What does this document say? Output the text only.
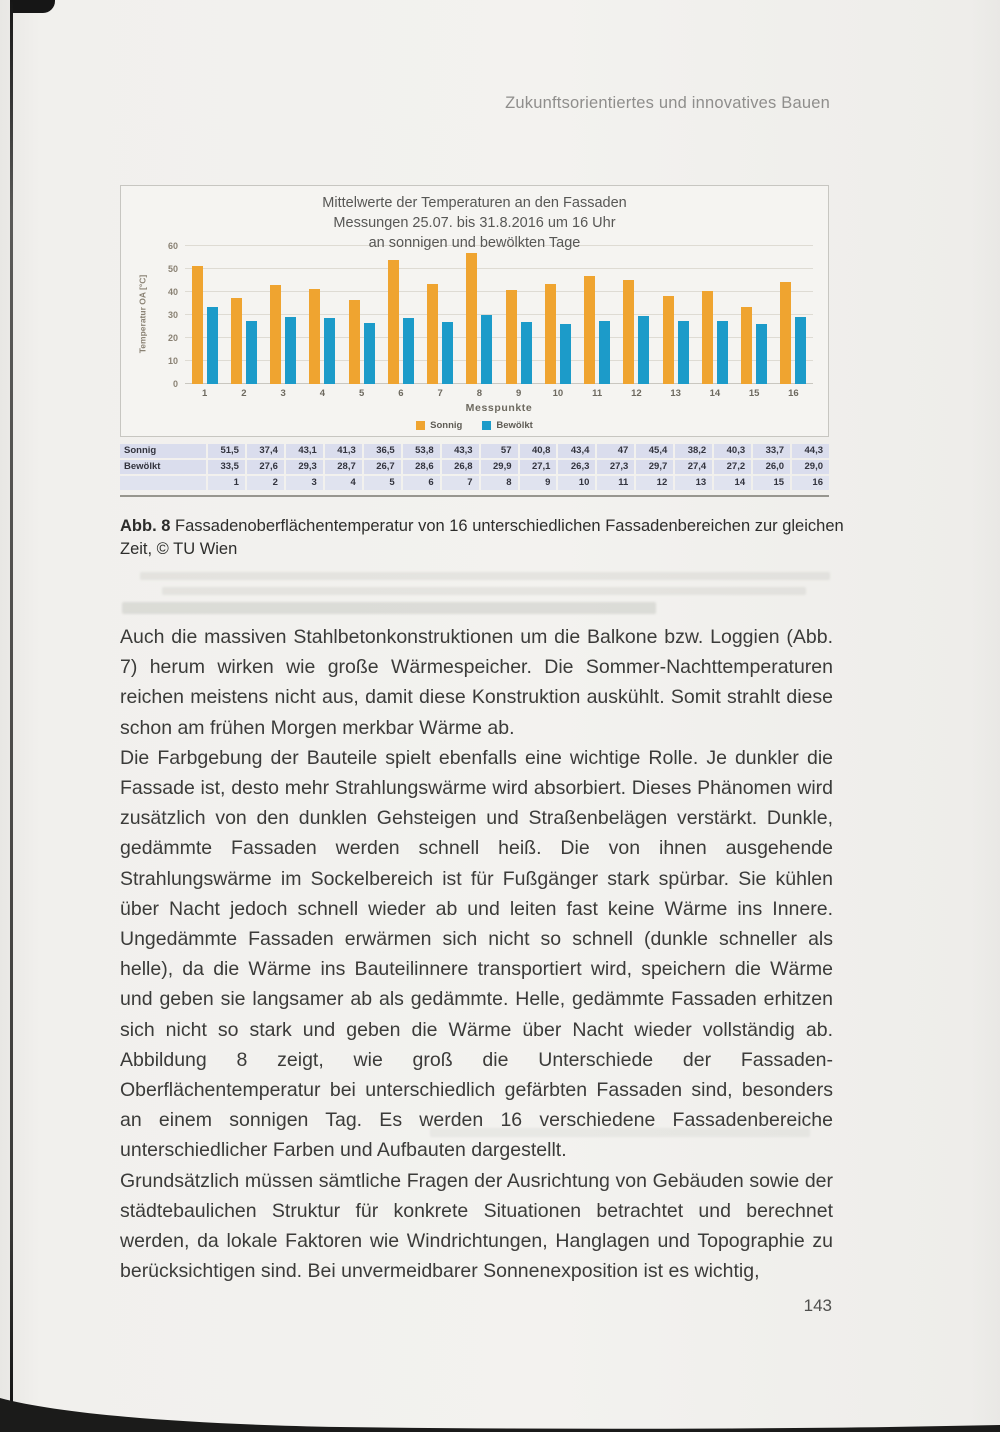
Zukunftsorientiertes und innovatives Bauen
Mittelwerte der Temperaturen an den Fassaden
Messungen 25.07. bis 31.8.2016 um 16 Uhr
an sonnigen und bewölkten Tage
Temperatur OA [°C]
0
10
20
30
40
50
60
1	2	3	4	5	6	7	8	9	10	11	12	13	14	15	16
Messpunkte
Sonnig	Bewölkt
Sonnig	51,5	37,4	43,1	41,3	36,5	53,8	43,3	57	40,8	43,4	47	45,4	38,2	40,3	33,7	44,3
Bewölkt	33,5	27,6	29,3	28,7	26,7	28,6	26,8	29,9	27,1	26,3	27,3	29,7	27,4	27,2	26,0	29,0
1	2	3	4	5	6	7	8	9	10	11	12	13	14	15	16
Abb. 8 Fassadenoberflächentemperatur von 16 unterschiedlichen Fassadenbereichen zur gleichen Zeit, © TU Wien

Auch die massiven Stahlbetonkonstruktionen um die Balkone bzw. Loggien (Abb. 7) herum wirken wie große Wärmespeicher. Die Sommer-Nachttemperaturen reichen meistens nicht aus, damit diese Konstruktion auskühlt. Somit strahlt diese schon am frühen Morgen merkbar Wärme ab.

Die Farbgebung der Bauteile spielt ebenfalls eine wichtige Rolle. Je dunkler die Fassade ist, desto mehr Strahlungswärme wird absorbiert. Dieses Phänomen wird zusätzlich von den dunklen Gehsteigen und Straßenbelägen verstärkt. Dunkle, gedämmte Fassaden werden schnell heiß. Die von ihnen ausgehende Strahlungswärme im Sockelbereich ist für Fußgänger stark spürbar. Sie kühlen über Nacht jedoch schnell wieder ab und leiten fast keine Wärme ins Innere. Ungedämmte Fassaden erwärmen sich nicht so schnell (dunkle schneller als helle), da die Wärme ins Bauteilinnere transportiert wird, speichern die Wärme und geben sie langsamer ab als gedämmte. Helle, gedämmte Fassaden erhitzen sich nicht so stark und geben die Wärme über Nacht wieder vollständig ab. Abbildung 8 zeigt, wie groß die Unterschiede der Fassaden-Oberflächentemperatur bei unterschiedlich gefärbten Fassaden sind, besonders an einem sonnigen Tag. Es werden 16 verschiedene Fassadenbereiche unterschiedlicher Farben und Aufbauten dargestellt.

Grundsätzlich müssen sämtliche Fragen der Ausrichtung von Gebäuden sowie der städtebaulichen Struktur für konkrete Situationen betrachtet und berechnet werden, da lokale Faktoren wie Windrichtungen, Hanglagen und Topographie zu berücksichtigen sind. Bei unvermeidbarer Sonnenexposition ist es wichtig,

143
